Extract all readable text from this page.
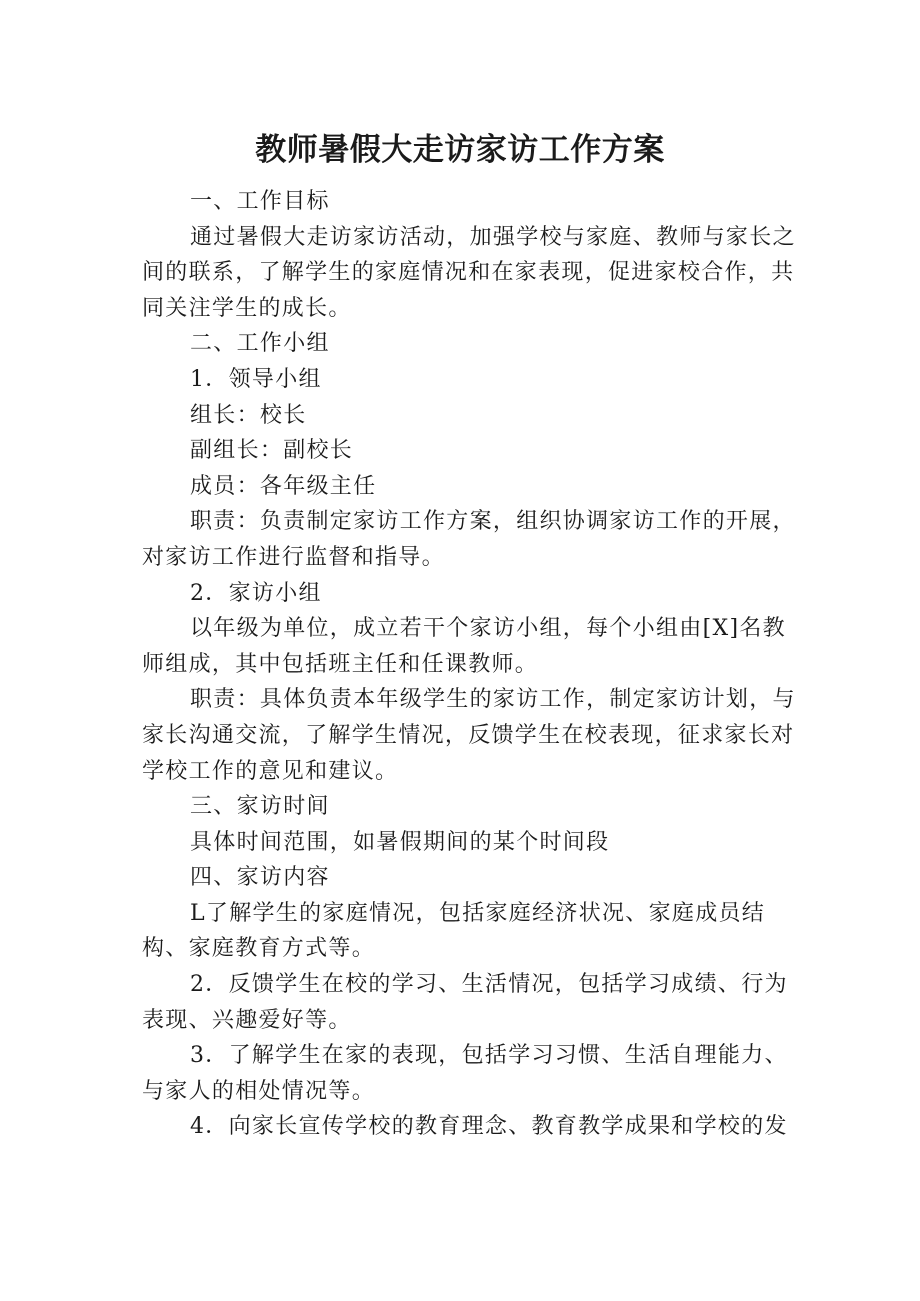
教师暑假大走访家访工作方案

一、工作目标

通过暑假大走访家访活动，加强学校与家庭、教师与家长之间的联系，了解学生的家庭情况和在家表现，促进家校合作，共同关注学生的成长。

二、工作小组

1．领导小组

组长：校长

副组长：副校长

成员：各年级主任

职责：负责制定家访工作方案，组织协调家访工作的开展，对家访工作进行监督和指导。

2．家访小组

以年级为单位，成立若干个家访小组，每个小组由[X]名教师组成，其中包括班主任和任课教师。

职责：具体负责本年级学生的家访工作，制定家访计划，与家长沟通交流，了解学生情况，反馈学生在校表现，征求家长对学校工作的意见和建议。

三、家访时间

具体时间范围，如暑假期间的某个时间段

四、家访内容

L了解学生的家庭情况，包括家庭经济状况、家庭成员结构、家庭教育方式等。

2．反馈学生在校的学习、生活情况，包括学习成绩、行为表现、兴趣爱好等。

3．了解学生在家的表现，包括学习习惯、生活自理能力、与家人的相处情况等。

4．向家长宣传学校的教育理念、教育教学成果和学校的发
